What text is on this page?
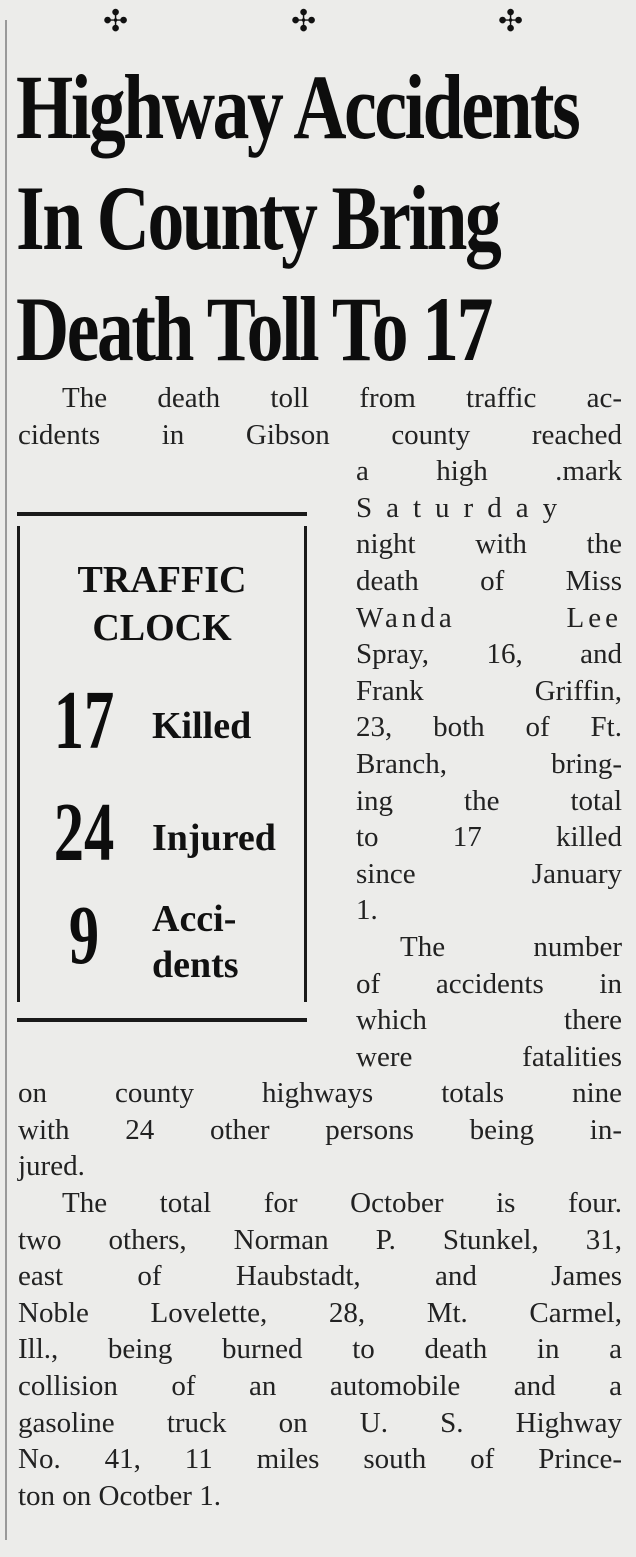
✣	✣	✣
Highway Accidents
In County Bring
Death Toll To 17
TRAFFIC
CLOCK
17 Killed
24 Injured
9	Acci-
dents
The death toll from traffic ac-
cidents in Gibson county reached
a high .mark
Saturday
night with the
death of Miss
Wanda Lee
Spray, 16, and
Frank Griffin,
23, both of Ft.
Branch, bring-
ing the total
to 17 killed
since January
1.
The number
of accidents in
which there
were fatalities
on county highways totals nine
with 24 other persons being in-
jured.
The total for October is four.
two others, Norman P. Stunkel, 31,
east of Haubstadt, and James
Noble Lovelette, 28, Mt. Carmel,
Ill., being burned to death in a
collision of an automobile and a
gasoline truck on U. S. Highway
No. 41, 11 miles south of Prince-
ton on Ocotber 1.
